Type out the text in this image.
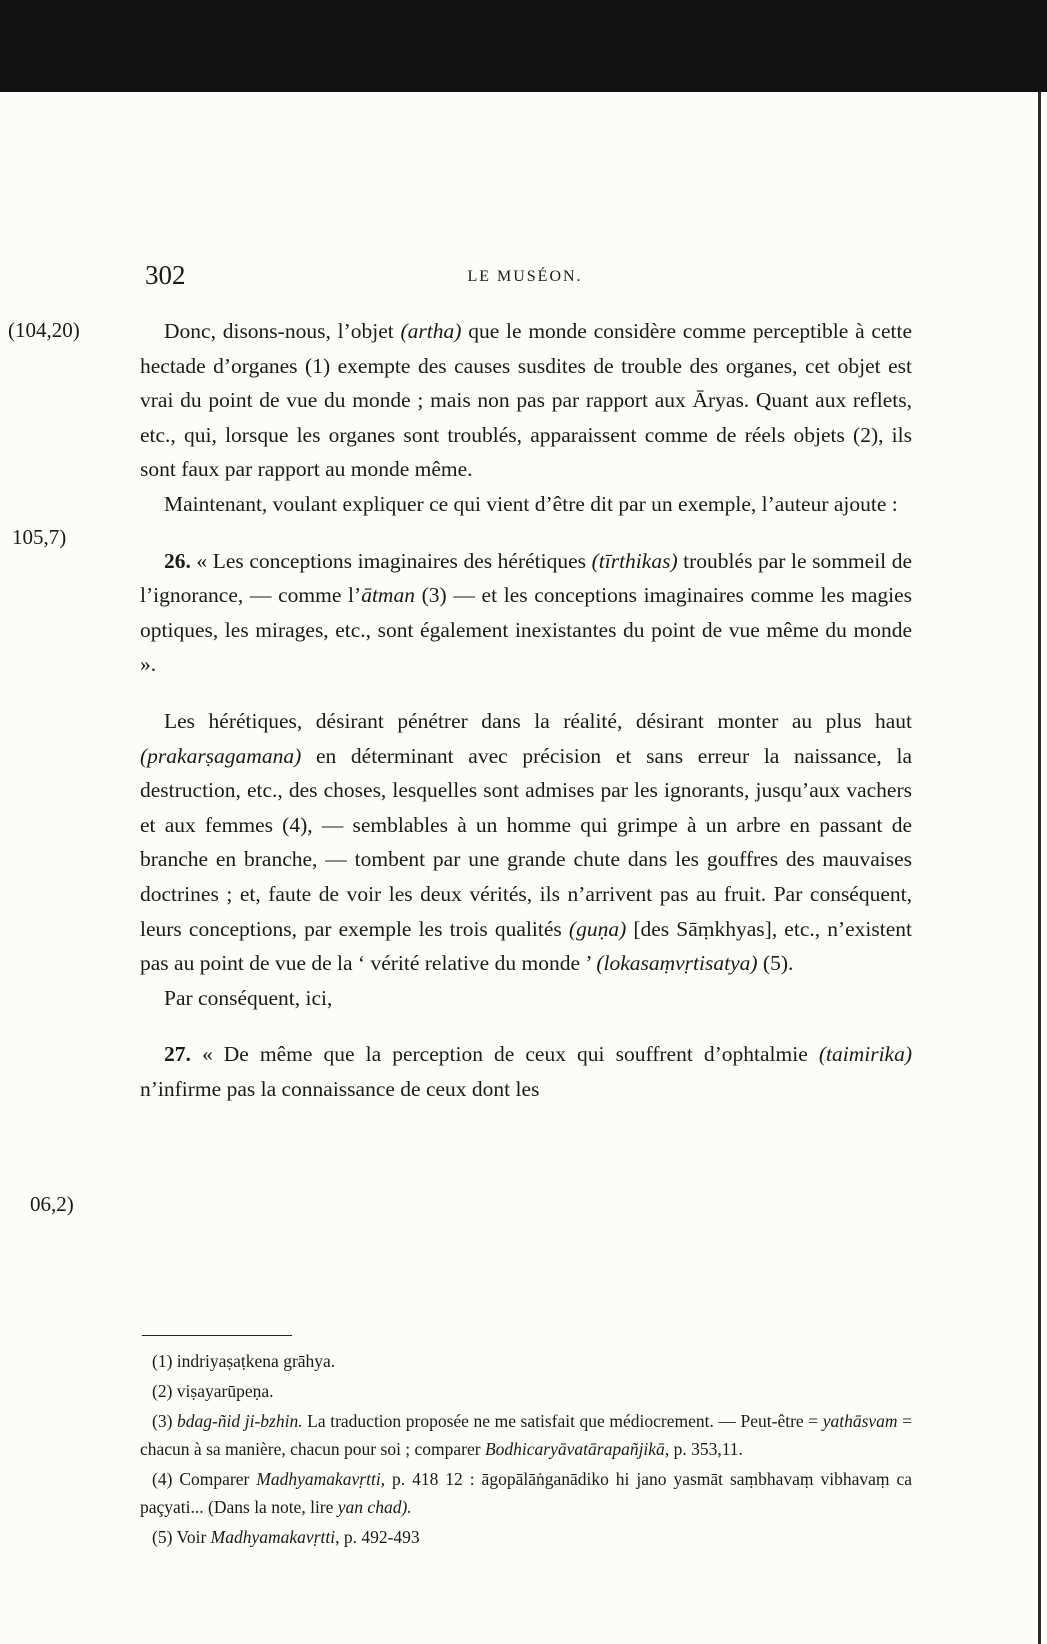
302	LE MUSÉON.
(104,20)
105,7)
06,2)

Donc, disons-nous, l’objet (artha) que le monde considère comme perceptible à cette hectade d’organes (1) exempte des causes susdites de trouble des organes, cet objet est vrai du point de vue du monde ; mais non pas par rapport aux Āryas. Quant aux reflets, etc., qui, lorsque les organes sont troublés, apparaissent comme de réels objets (2), ils sont faux par rapport au monde même.

Maintenant, voulant expliquer ce qui vient d’être dit par un exemple, l’auteur ajoute :

26. « Les conceptions imaginaires des hérétiques (tīrthikas) troublés par le sommeil de l’ignorance, — comme l’ātman (3) — et les conceptions imaginaires comme les magies optiques, les mirages, etc., sont également inexistantes du point de vue même du monde ».

Les hérétiques, désirant pénétrer dans la réalité, désirant monter au plus haut (prakarṣagamana) en déterminant avec précision et sans erreur la naissance, la destruction, etc., des choses, lesquelles sont admises par les ignorants, jusqu’aux vachers et aux femmes (4), — semblables à un homme qui grimpe à un arbre en passant de branche en branche, — tombent par une grande chute dans les gouffres des mauvaises doctrines ; et, faute de voir les deux vérités, ils n’arrivent pas au fruit. Par conséquent, leurs conceptions, par exemple les trois qualités (guṇa) [des Sāṃkhyas], etc., n’existent pas au point de vue de la ‘ vérité relative du monde ’ (lokasaṃvṛtisatya) (5).

Par conséquent, ici,

27. « De même que la perception de ceux qui souffrent d’ophtalmie (taimirika) n’infirme pas la connaissance de ceux dont les

(1) indriyaṣaṭkena grāhya.
(2) viṣayarūpeṇa.
(3) bdag-ñid ji-bzhin. La traduction proposée ne me satisfait que médiocrement. — Peut-être = yathāsvam = chacun à sa manière, chacun pour soi ; comparer Bodhicaryāvatārapañjikā, p. 353,11.
(4) Comparer Madhyamakavṛtti, p. 418 12 : āgopālāṅganādiko hi jano yasmāt saṃbhavaṃ vibhavaṃ ca paçyati... (Dans la note, lire yan chad).
(5) Voir Madhyamakavṛtti, p. 492-493
